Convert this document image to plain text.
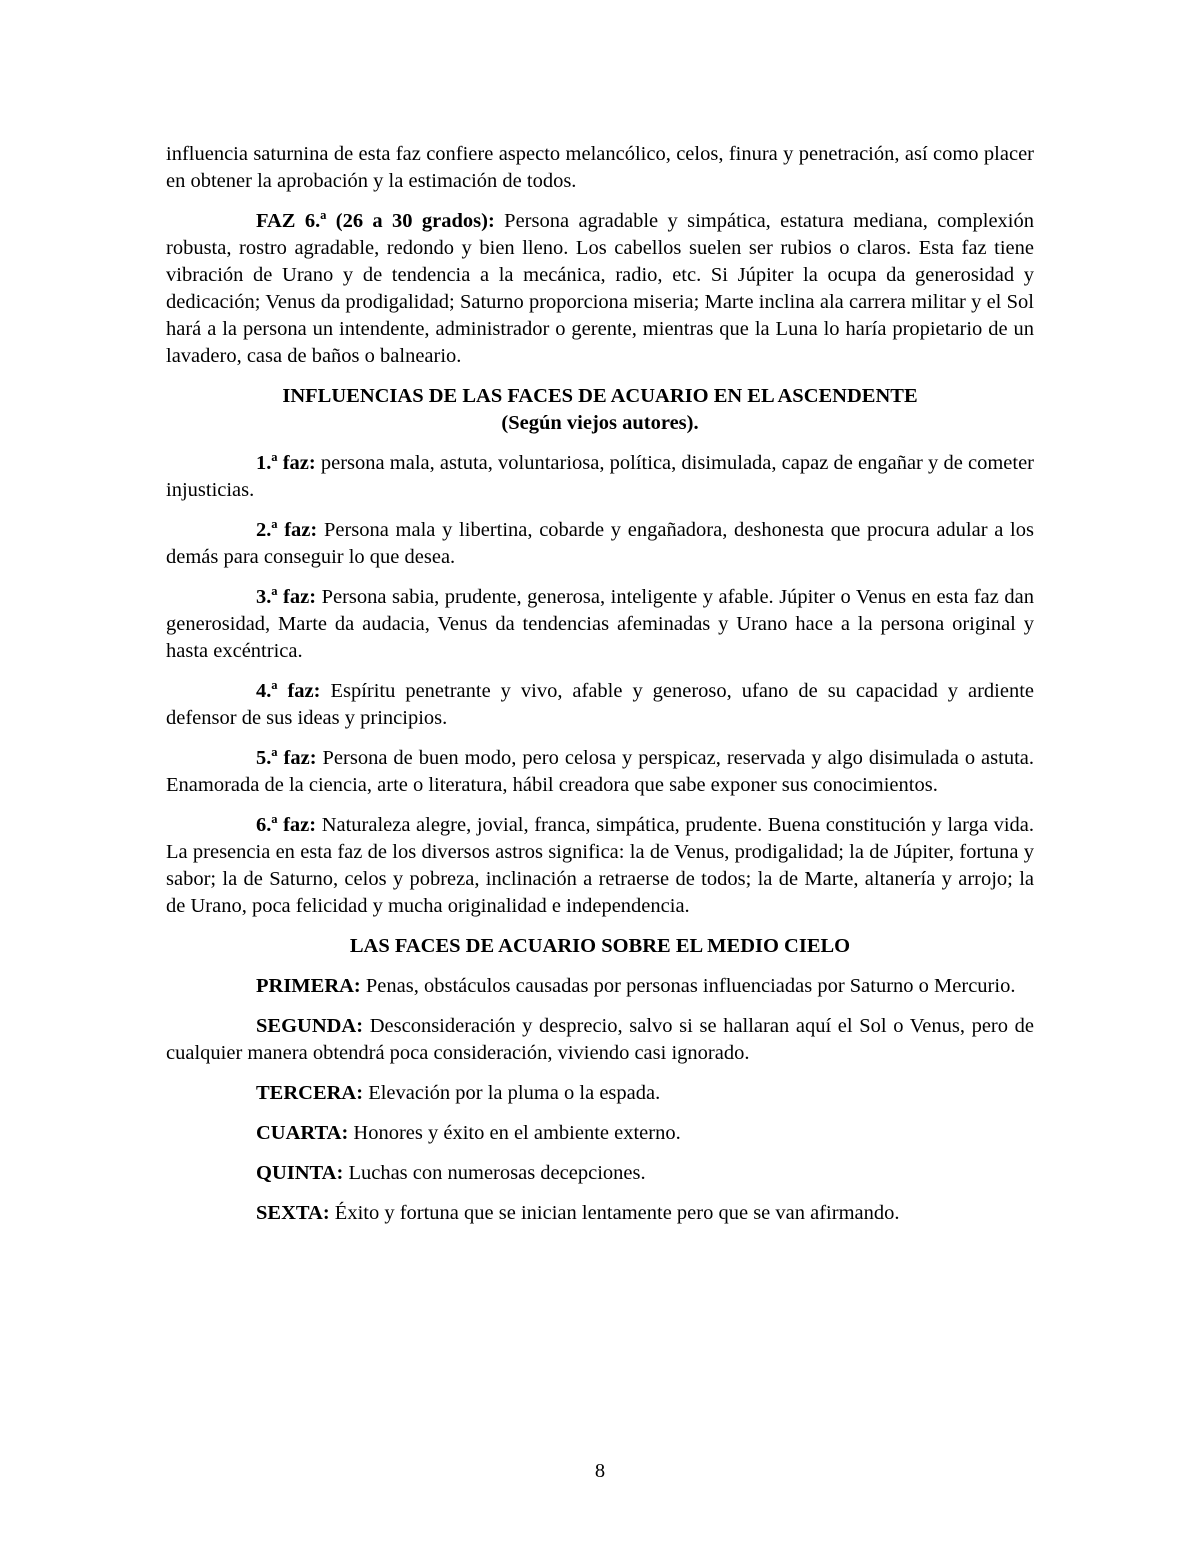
influencia saturnina de esta faz confiere aspecto melancólico, celos, finura y penetración, así como placer en obtener la aprobación y la estimación de todos.

FAZ 6.ª (26 a 30 grados): Persona agradable y simpática, estatura mediana, complexión robusta, rostro agradable, redondo y bien lleno. Los cabellos suelen ser rubios o claros. Esta faz tiene vibración de Urano y de tendencia a la mecánica, radio, etc. Si Júpiter la ocupa da generosidad y dedicación; Venus da prodigalidad; Saturno proporciona miseria; Marte inclina ala carrera militar y el Sol hará a la persona un intendente, administrador o gerente, mientras que la Luna lo haría propietario de un lavadero, casa de baños o balneario.

INFLUENCIAS DE LAS FACES DE ACUARIO EN EL ASCENDENTE
(Según viejos autores).

1.ª faz: persona mala, astuta, voluntariosa, política, disimulada, capaz de engañar y de cometer injusticias.

2.ª faz: Persona mala y libertina, cobarde y engañadora, deshonesta que procura adular a los demás para conseguir lo que desea.

3.ª faz: Persona sabia, prudente, generosa, inteligente y afable. Júpiter o Venus en esta faz dan generosidad, Marte da audacia, Venus da tendencias afeminadas y Urano hace a la persona original y hasta excéntrica.

4.ª faz: Espíritu penetrante y vivo, afable y generoso, ufano de su capacidad y ardiente defensor de sus ideas y principios.

5.ª faz: Persona de buen modo, pero celosa y perspicaz, reservada y algo disimulada o astuta. Enamorada de la ciencia, arte o literatura, hábil creadora que sabe exponer sus conocimientos.

6.ª faz: Naturaleza alegre, jovial, franca, simpática, prudente. Buena constitución y larga vida. La presencia en esta faz de los diversos astros significa: la de Venus, prodigalidad; la de Júpiter, fortuna y sabor; la de Saturno, celos y pobreza, inclinación a retraerse de todos; la de Marte, altanería y arrojo; la de Urano, poca felicidad y mucha originalidad e independencia.

LAS FACES DE ACUARIO SOBRE EL MEDIO CIELO

PRIMERA: Penas, obstáculos causadas por personas influenciadas por Saturno o Mercurio.

SEGUNDA: Desconsideración y desprecio, salvo si se hallaran aquí el Sol o Venus, pero de cualquier manera obtendrá poca consideración, viviendo casi ignorado.

TERCERA: Elevación por la pluma o la espada.

CUARTA: Honores y éxito en el ambiente externo.

QUINTA: Luchas con numerosas decepciones.

SEXTA: Éxito y fortuna que se inician lentamente pero que se van afirmando.

8
